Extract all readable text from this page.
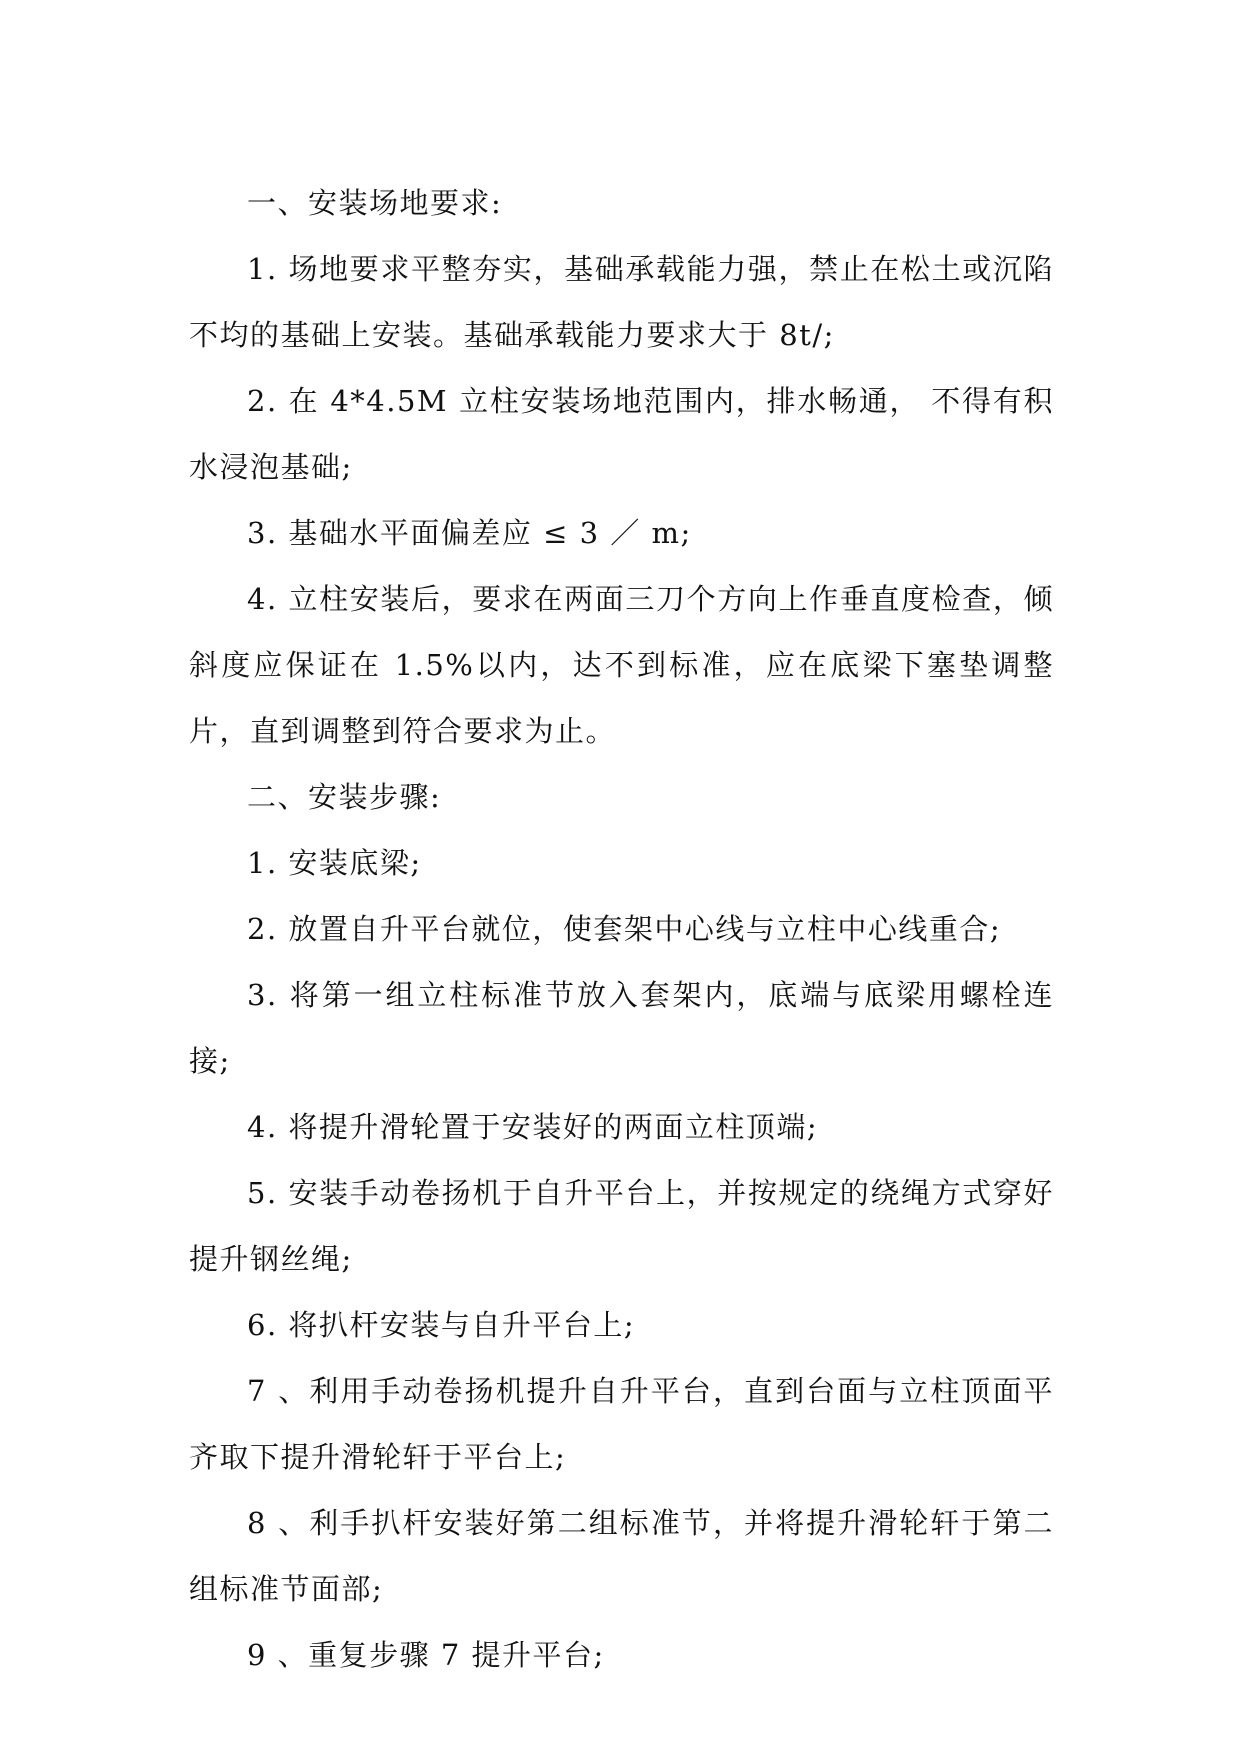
一、安装场地要求:

1. 场地要求平整夯实，基础承载能力强，禁止在松土或沉陷不均的基础上安装。基础承载能力要求大于 8t/;

2. 在 4*4.5M 立柱安装场地范围内，排水畅通， 不得有积水浸泡基础;

3. 基础水平面偏差应 ≤ 3 ／ m;

4. 立柱安装后，要求在两面三刀个方向上作垂直度检查，倾斜度应保证在 1.5%以内，达不到标准，应在底梁下塞垫调整片，直到调整到符合要求为止。

二、安装步骤:

1. 安装底梁;

2. 放置自升平台就位，使套架中心线与立柱中心线重合;

3. 将第一组立柱标准节放入套架内，底端与底梁用螺栓连接;

4. 将提升滑轮置于安装好的两面立柱顶端;

5. 安装手动卷扬机于自升平台上，并按规定的绕绳方式穿好提升钢丝绳;

6. 将扒杆安装与自升平台上;

7 、利用手动卷扬机提升自升平台，直到台面与立柱顶面平齐取下提升滑轮轩于平台上;

8 、利手扒杆安装好第二组标准节，并将提升滑轮轩于第二组标准节面部;

9 、重复步骤 7 提升平台;
